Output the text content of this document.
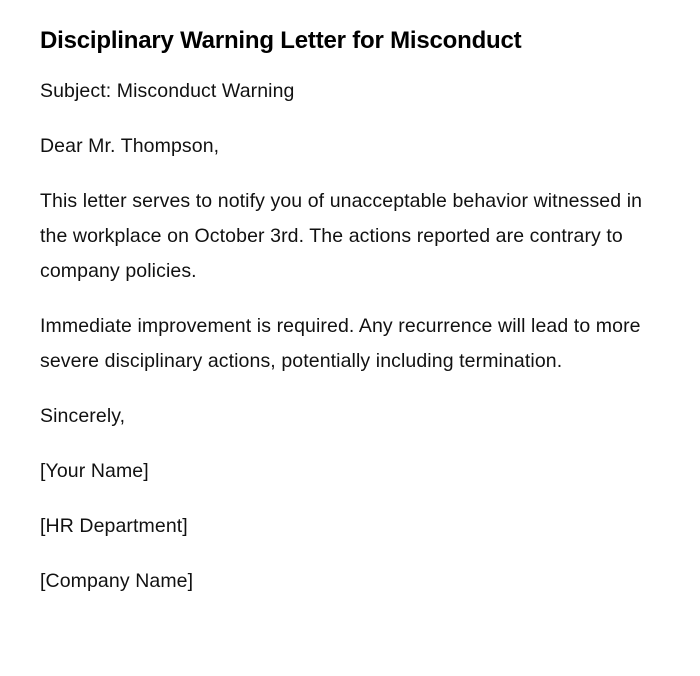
Disciplinary Warning Letter for Misconduct

Subject: Misconduct Warning

Dear Mr. Thompson,

This letter serves to notify you of unacceptable behavior witnessed in the workplace on October 3rd. The actions reported are contrary to company policies.

Immediate improvement is required. Any recurrence will lead to more severe disciplinary actions, potentially including termination.

Sincerely,

[Your Name]

[HR Department]

[Company Name]
